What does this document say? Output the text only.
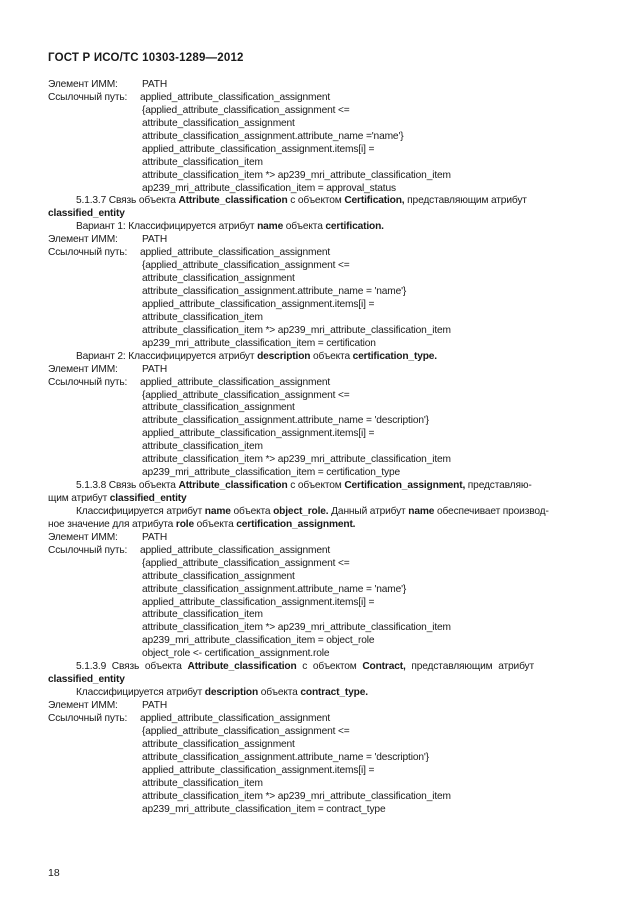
ГОСТ Р ИСО/ТС 10303-1289—2012
Элемент ИММ: PATH
Ссылочный путь: applied_attribute_classification_assignment
{applied_attribute_classification_assignment <=
attribute_classification_assignment
attribute_classification_assignment.attribute_name ='name'}
applied_attribute_classification_assignment.items[i] =
attribute_classification_item
attribute_classification_item *> ap239_mri_attribute_classification_item
ap239_mri_attribute_classification_item = approval_status
5.1.3.7 Связь объекта Attribute_classification с объектом Certification, представляющим атрибут
classified_entity
Вариант 1: Классифицируется атрибут name объекта certification.
Элемент ИММ: PATH
Ссылочный путь: applied_attribute_classification_assignment
{applied_attribute_classification_assignment <=
attribute_classification_assignment
attribute_classification_assignment.attribute_name = 'name'}
applied_attribute_classification_assignment.items[i] =
attribute_classification_item
attribute_classification_item *> ap239_mri_attribute_classification_item
ap239_mri_attribute_classification_item = certification
Вариант 2: Классифицируется атрибут description объекта certification_type.
Элемент ИММ: PATH
Ссылочный путь: applied_attribute_classification_assignment
{applied_attribute_classification_assignment <=
attribute_classification_assignment
attribute_classification_assignment.attribute_name = 'description'}
applied_attribute_classification_assignment.items[i] =
attribute_classification_item
attribute_classification_item *> ap239_mri_attribute_classification_item
ap239_mri_attribute_classification_item = certification_type
5.1.3.8 Связь объекта Attribute_classification с объектом Certification_assignment, представляю-
щим атрибут classified_entity
Классифицируется атрибут name объекта object_role. Данный атрибут name обеспечивает производ-
ное значение для атрибута role объекта certification_assignment.
Элемент ИММ: PATH
Ссылочный путь: applied_attribute_classification_assignment
{applied_attribute_classification_assignment <=
attribute_classification_assignment
attribute_classification_assignment.attribute_name = 'name'}
applied_attribute_classification_assignment.items[i] =
attribute_classification_item
attribute_classification_item *> ap239_mri_attribute_classification_item
ap239_mri_attribute_classification_item = object_role
object_role <- certification_assignment.role
5.1.3.9 Связь объекта Attribute_classification с объектом Contract, представляющим атрибут
classified_entity
Классифицируется атрибут description объекта contract_type.
Элемент ИММ: PATH
Ссылочный путь: applied_attribute_classification_assignment
{applied_attribute_classification_assignment <=
attribute_classification_assignment
attribute_classification_assignment.attribute_name = 'description'}
applied_attribute_classification_assignment.items[i] =
attribute_classification_item
attribute_classification_item *> ap239_mri_attribute_classification_item
ap239_mri_attribute_classification_item = contract_type
18
